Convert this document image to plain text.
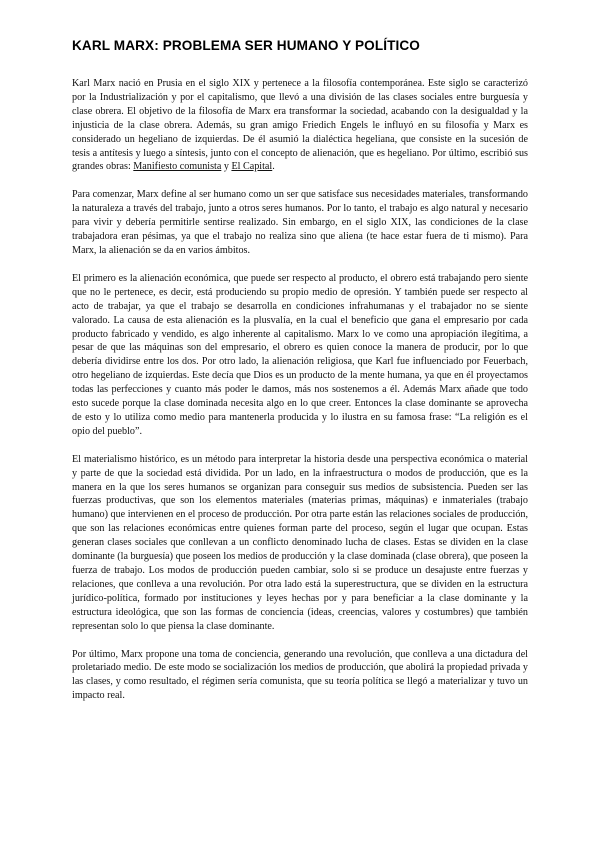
KARL MARX: PROBLEMA SER HUMANO Y POLÍTICO

Karl Marx nació en Prusia en el siglo XIX y pertenece a la filosofía contemporánea. Este siglo se caracterizó por la Industrialización y por el capitalismo, que llevó a una división de las clases sociales entre burguesía y clase obrera. El objetivo de la filosofía de Marx era transformar la sociedad, acabando con la desigualdad y la injusticia de la clase obrera. Además, su gran amigo Friedich Engels le influyó en su filosofía y Marx es considerado un hegeliano de izquierdas. De él asumió la dialéctica hegeliana, que consiste en la sucesión de tesis a antítesis y luego a síntesis, junto con el concepto de alienación, que es hegeliano. Por último, escribió sus grandes obras: Manifiesto comunista y El Capital.

Para comenzar, Marx define al ser humano como un ser que satisface sus necesidades materiales, transformando la naturaleza a través del trabajo, junto a otros seres humanos. Por lo tanto, el trabajo es algo natural y necesario para vivir y debería permitirle sentirse realizado. Sin embargo, en el siglo XIX, las condiciones de la clase trabajadora eran pésimas, ya que el trabajo no realiza sino que aliena (te hace estar fuera de ti mismo). Para Marx, la alienación se da en varios ámbitos.

El primero es la alienación económica, que puede ser respecto al producto, el obrero está trabajando pero siente que no le pertenece, es decir, está produciendo su propio medio de opresión. Y también puede ser respecto al acto de trabajar, ya que el trabajo se desarrolla en condiciones infrahumanas y el trabajador no se siente valorado. La causa de esta alienación es la plusvalía, en la cual el beneficio que gana el empresario por cada producto fabricado y vendido, es algo inherente al capitalismo. Marx lo ve como una apropiación ilegítima, a pesar de que las máquinas son del empresario, el obrero es quien conoce la manera de producir, por lo que debería dividirse entre los dos. Por otro lado, la alienación religiosa, que Karl fue influenciado por Feuerbach, otro hegeliano de izquierdas. Este decía que Dios es un producto de la mente humana, ya que en él proyectamos todas las perfecciones y cuanto más poder le damos, más nos sostenemos a él. Además Marx añade que todo esto sucede porque la clase dominada necesita algo en lo que creer. Entonces la clase dominante se aprovecha de esto y lo utiliza como medio para mantenerla producida y lo ilustra en su famosa frase: “La religión es el opio del pueblo”.

El materialismo histórico, es un método para interpretar la historia desde una perspectiva económica o material y parte de que la sociedad está dividida. Por un lado, en la infraestructura o modos de producción, que es la manera en la que los seres humanos se organizan para conseguir sus medios de subsistencia. Pueden ser las fuerzas productivas, que son los elementos materiales (materias primas, máquinas) e inmateriales (trabajo humano) que intervienen en el proceso de producción. Por otra parte están las relaciones sociales de producción, que son las relaciones económicas entre quienes forman parte del proceso, según el lugar que ocupan. Estas generan clases sociales que conllevan a un conflicto denominado lucha de clases. Estas se dividen en la clase dominante (la burguesía) que poseen los medios de producción y la clase dominada (clase obrera), que poseen la fuerza de trabajo. Los modos de producción pueden cambiar, solo si se produce un desajuste entre fuerzas y relaciones, que conlleva a una revolución. Por otra lado está la superestructura, que se dividen en la estructura jurídico-política, formado por instituciones y leyes hechas por y para beneficiar a la clase dominante y la estructura ideológica, que son las formas de conciencia (ideas, creencias, valores y costumbres) que también representan solo lo que piensa la clase dominante.

Por último, Marx propone una toma de conciencia, generando una revolución, que conlleva a una dictadura del proletariado medio. De este modo se socialización los medios de producción, que abolirá la propiedad privada y las clases, y como resultado, el régimen sería comunista, que su teoría política se llegó a materializar y tuvo un impacto real.
